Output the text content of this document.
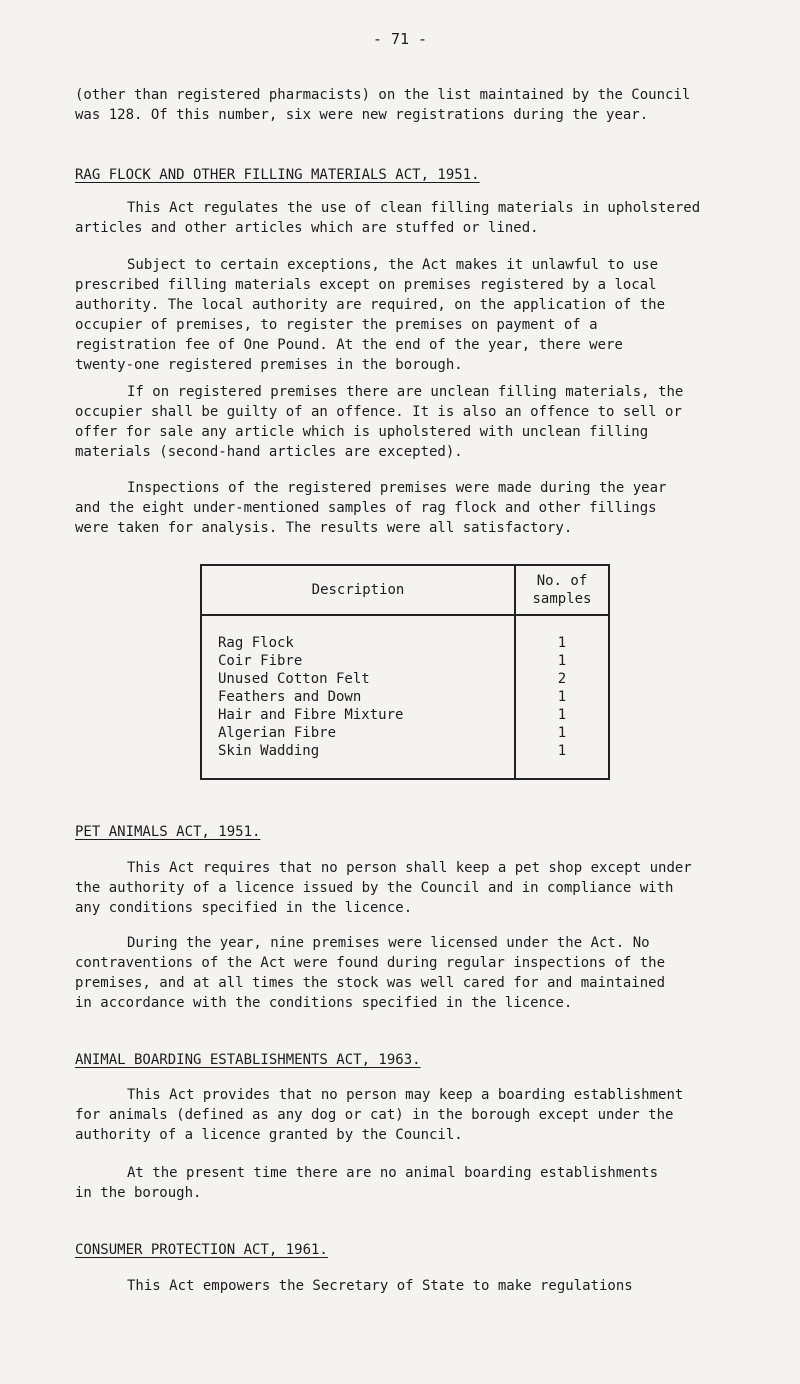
- 71 -
(other than registered pharmacists) on the list maintained by the Council
was 128. Of this number, six were new registrations during the year.
RAG FLOCK AND OTHER FILLING MATERIALS ACT, 1951.
This Act regulates the use of clean filling materials in upholstered
articles and other articles which are stuffed or lined.
Subject to certain exceptions, the Act makes it unlawful to use
prescribed filling materials except on premises registered by a local
authority. The local authority are required, on the application of the
occupier of premises, to register the premises on payment of a
registration fee of One Pound. At the end of the year, there were
twenty-one registered premises in the borough.
If on registered premises there are unclean filling materials, the
occupier shall be guilty of an offence. It is also an offence to sell or
offer for sale any article which is upholstered with unclean filling
materials (second-hand articles are excepted).
Inspections of the registered premises were made during the year
and the eight under-mentioned samples of rag flock and other fillings
were taken for analysis. The results were all satisfactory.
Description	No. of
samples
Rag Flock	1
Coir Fibre	1
Unused Cotton Felt	2
Feathers and Down	1
Hair and Fibre Mixture	1
Algerian Fibre	1
Skin Wadding	1
PET ANIMALS ACT, 1951.
This Act requires that no person shall keep a pet shop except under
the authority of a licence issued by the Council and in compliance with
any conditions specified in the licence.
During the year, nine premises were licensed under the Act. No
contraventions of the Act were found during regular inspections of the
premises, and at all times the stock was well cared for and maintained
in accordance with the conditions specified in the licence.
ANIMAL BOARDING ESTABLISHMENTS ACT, 1963.
This Act provides that no person may keep a boarding establishment
for animals (defined as any dog or cat) in the borough except under the
authority of a licence granted by the Council.
At the present time there are no animal boarding establishments
in the borough.
CONSUMER PROTECTION ACT, 1961.
This Act empowers the Secretary of State to make regulations
